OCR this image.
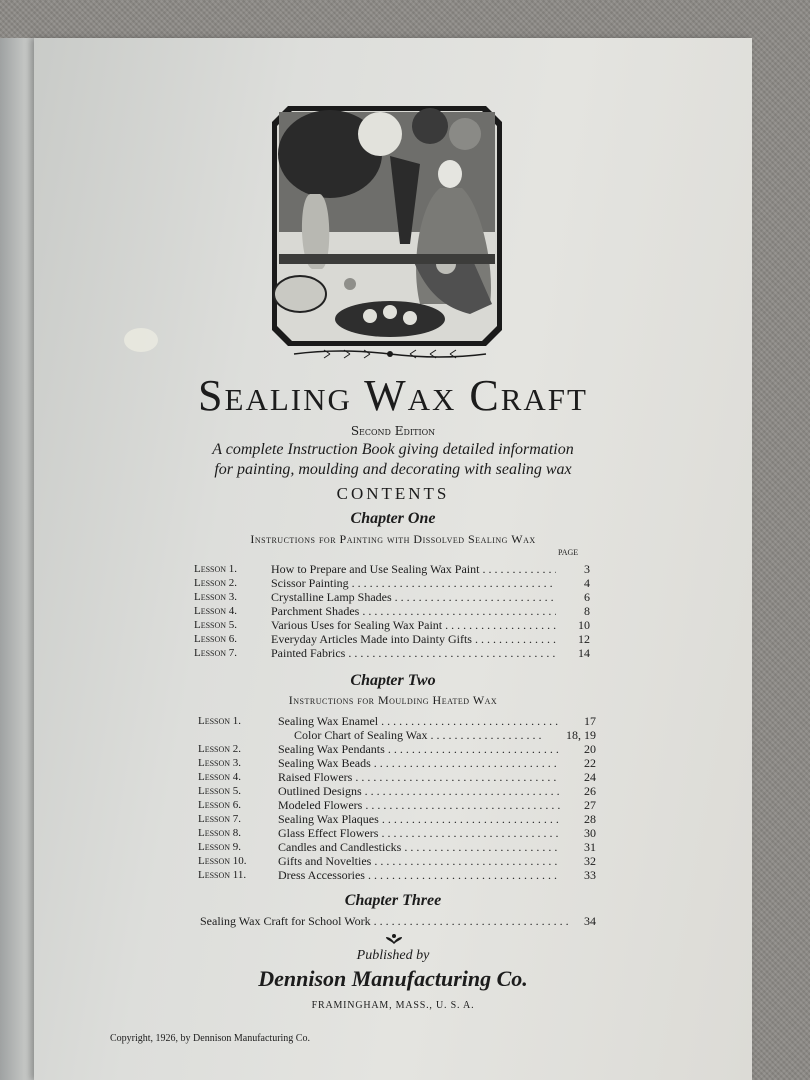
Sealing Wax Craft
Second Edition
A complete Instruction Book giving detailed information
for painting, moulding and decorating with sealing wax
CONTENTS
Chapter One
Instructions for Painting with Dissolved Sealing Wax
PAGE
Lesson 1.	How to Prepare and Use Sealing Wax Paint . . .	3
Lesson 2.	Scissor Painting . . .	4
Lesson 3.	Crystalline Lamp Shades . . .	6
Lesson 4.	Parchment Shades . . .	8
Lesson 5.	Various Uses for Sealing Wax Paint . . .	10
Lesson 6.	Everyday Articles Made into Dainty Gifts . . .	12
Lesson 7.	Painted Fabrics . . .	14
Chapter Two
Instructions for Moulding Heated Wax
Lesson 1.	Sealing Wax Enamel . . .	17
Color Chart of Sealing Wax . . .	18, 19
Lesson 2.	Sealing Wax Pendants . . .	20
Lesson 3.	Sealing Wax Beads . . .	22
Lesson 4.	Raised Flowers . . .	24
Lesson 5.	Outlined Designs . . .	26
Lesson 6.	Modeled Flowers . . .	27
Lesson 7.	Sealing Wax Plaques . . .	28
Lesson 8.	Glass Effect Flowers . . .	30
Lesson 9.	Candles and Candlesticks . . .	31
Lesson 10.	Gifts and Novelties . . .	32
Lesson 11.	Dress Accessories . . .	33
Chapter Three
Sealing Wax Craft for School Work . . .	34
Published by
Dennison Manufacturing Co.
FRAMINGHAM, MASS., U. S. A.
Copyright, 1926, by Dennison Manufacturing Co.
